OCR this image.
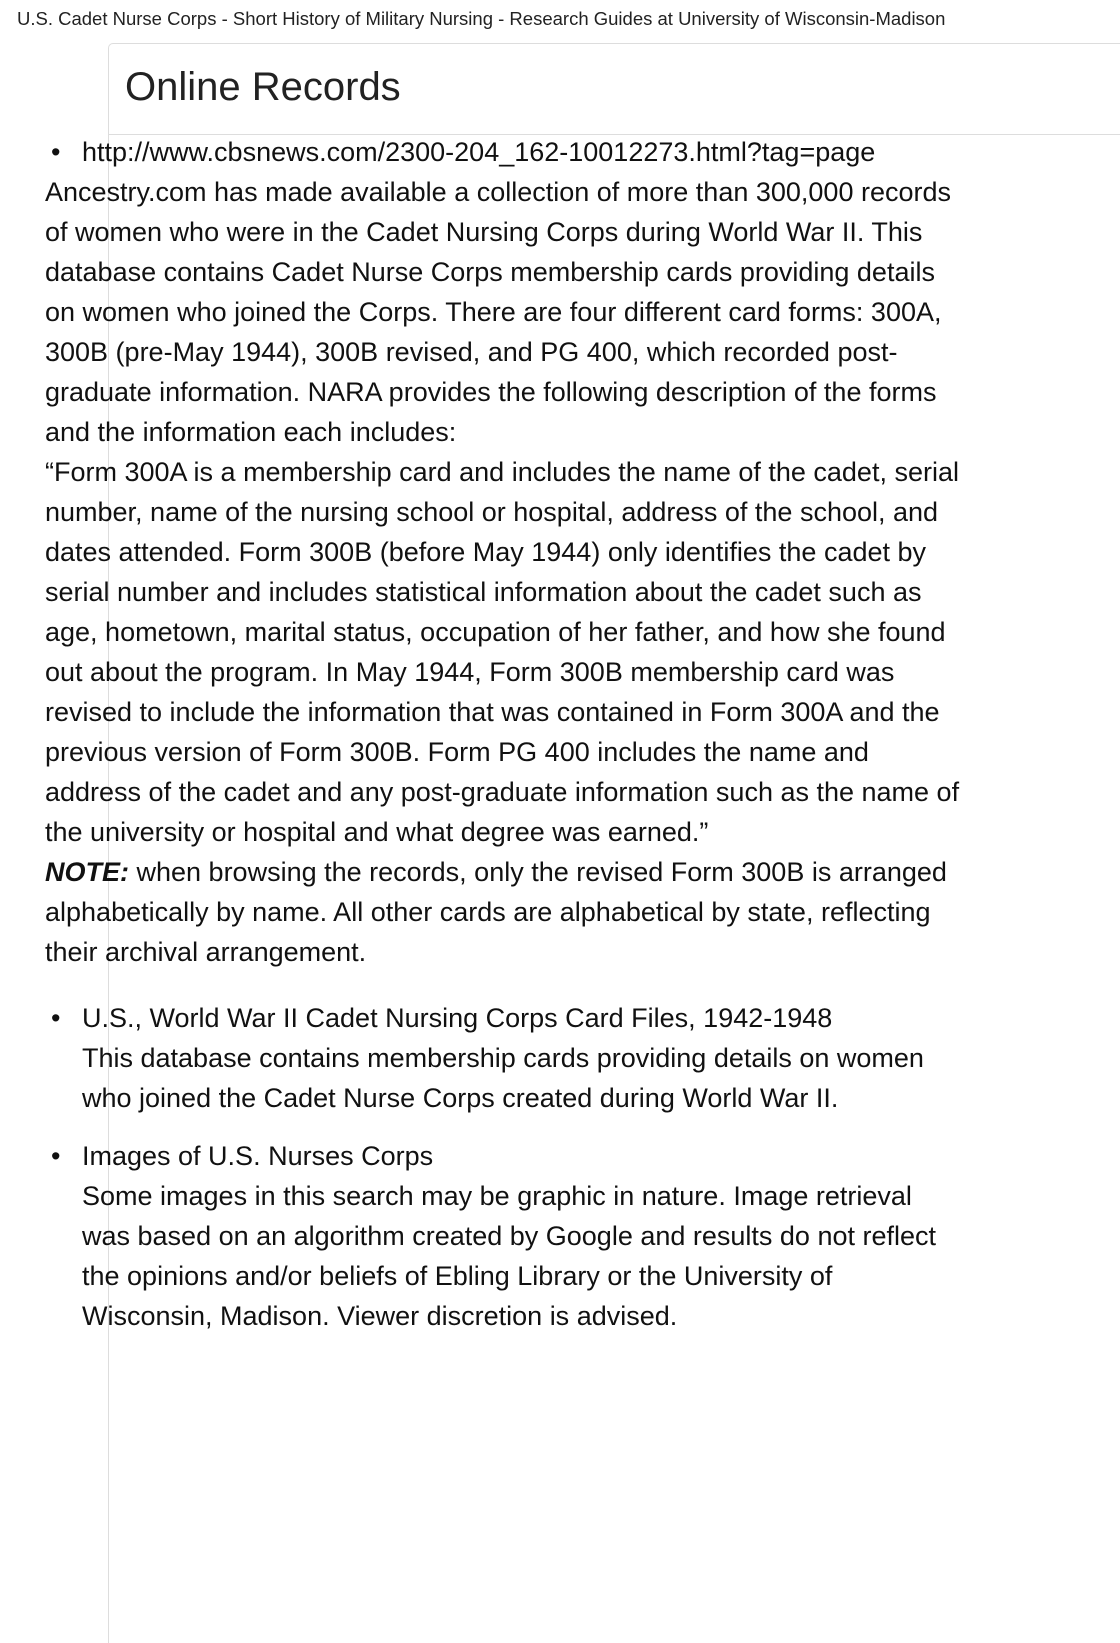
U.S. Cadet Nurse Corps - Short History of Military Nursing - Research Guides at University of Wisconsin-Madison
Online Records
• http://www.cbsnews.com/2300-204_162-10012273.html?tag=page

Ancestry.com has made available a collection of more than 300,000 records of women who were in the Cadet Nursing Corps during World War II. This database contains Cadet Nurse Corps membership cards providing details on women who joined the Corps. There are four different card forms: 300A, 300B (pre-May 1944), 300B revised, and PG 400, which recorded post-graduate information. NARA provides the following description of the forms and the information each includes:

“Form 300A is a membership card and includes the name of the cadet, serial number, name of the nursing school or hospital, address of the school, and dates attended. Form 300B (before May 1944) only identifies the cadet by serial number and includes statistical information about the cadet such as age, hometown, marital status, occupation of her father, and how she found out about the program. In May 1944, Form 300B membership card was revised to include the information that was contained in Form 300A and the previous version of Form 300B. Form PG 400 includes the name and address of the cadet and any post-graduate information such as the name of the university or hospital and what degree was earned.”

NOTE: when browsing the records, only the revised Form 300B is arranged alphabetically by name. All other cards are alphabetical by state, reflecting their archival arrangement.

• U.S., World War II Cadet Nursing Corps Card Files, 1942-1948
This database contains membership cards providing details on women who joined the Cadet Nurse Corps created during World War II.
• Images of U.S. Nurses Corps
Some images in this search may be graphic in nature. Image retrieval was based on an algorithm created by Google and results do not reflect the opinions and/or beliefs of Ebling Library or the University of Wisconsin, Madison. Viewer discretion is advised.
